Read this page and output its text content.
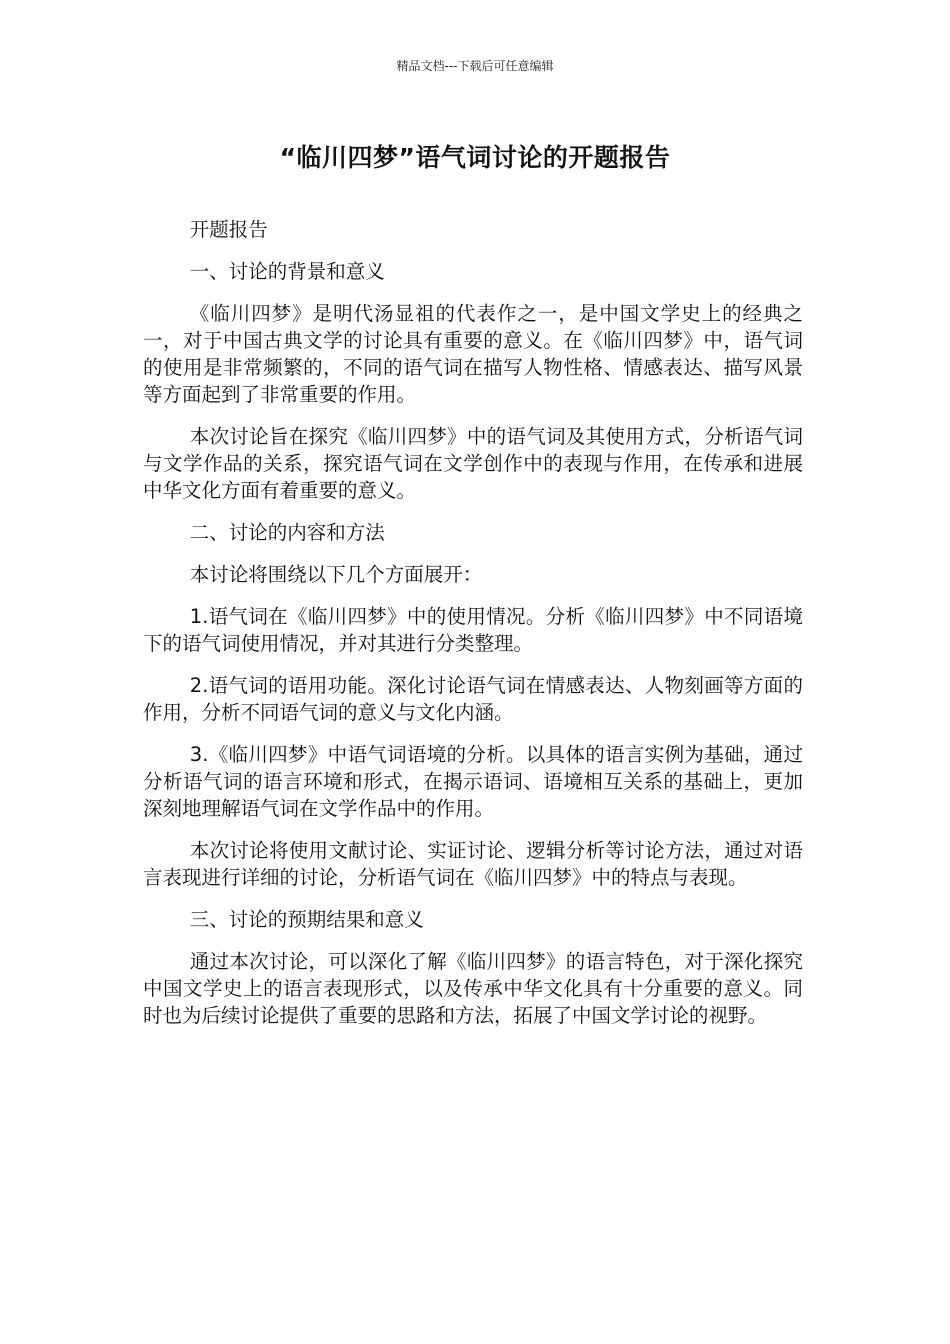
精品文档---下载后可任意编辑
“临川四梦”语气词讨论的开题报告

开题报告

一、讨论的背景和意义

《临川四梦》是明代汤显祖的代表作之一，是中国文学史上的经典之一，对于中国古典文学的讨论具有重要的意义。在《临川四梦》中，语气词的使用是非常频繁的，不同的语气词在描写人物性格、情感表达、描写风景等方面起到了非常重要的作用。

本次讨论旨在探究《临川四梦》中的语气词及其使用方式，分析语气词与文学作品的关系，探究语气词在文学创作中的表现与作用，在传承和进展中华文化方面有着重要的意义。

二、讨论的内容和方法

本讨论将围绕以下几个方面展开：

1.语气词在《临川四梦》中的使用情况。分析《临川四梦》中不同语境下的语气词使用情况，并对其进行分类整理。

2.语气词的语用功能。深化讨论语气词在情感表达、人物刻画等方面的作用，分析不同语气词的意义与文化内涵。

3.《临川四梦》中语气词语境的分析。以具体的语言实例为基础，通过分析语气词的语言环境和形式，在揭示语词、语境相互关系的基础上，更加深刻地理解语气词在文学作品中的作用。

本次讨论将使用文献讨论、实证讨论、逻辑分析等讨论方法，通过对语言表现进行详细的讨论，分析语气词在《临川四梦》中的特点与表现。

三、讨论的预期结果和意义

通过本次讨论，可以深化了解《临川四梦》的语言特色，对于深化探究中国文学史上的语言表现形式，以及传承中华文化具有十分重要的意义。同时也为后续讨论提供了重要的思路和方法，拓展了中国文学讨论的视野。
